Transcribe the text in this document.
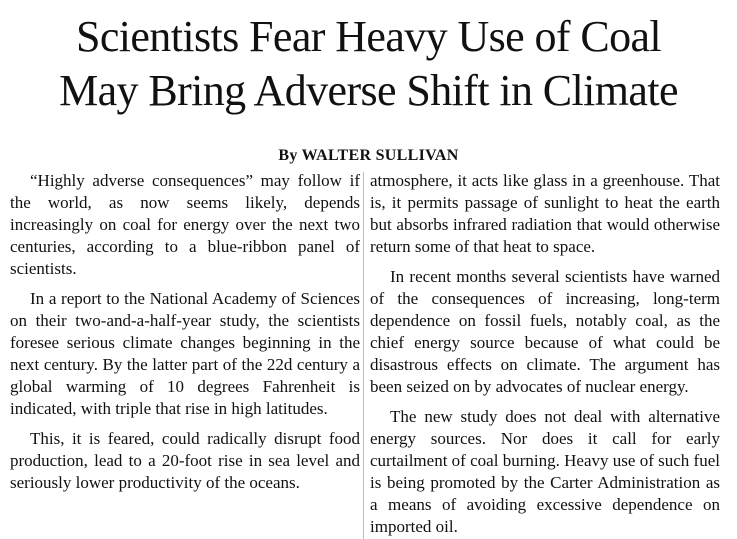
Scientists Fear Heavy Use of Coal
May Bring Adverse Shift in Climate
By WALTER SULLIVAN

“Highly adverse consequences” may follow if the world, as now seems likely, depends increasingly on coal for energy over the next two centuries, according to a blue-ribbon panel of scientists.

In a report to the National Academy of Sciences on their two-and-a-half-year study, the scientists foresee serious climate changes beginning in the next century. By the latter part of the 22d century a global warming of 10 degrees Fahrenheit is indicated, with triple that rise in high latitudes.

This, it is feared, could radically disrupt food production, lead to a 20-foot rise in sea level and seriously lower productivity of the oceans.

atmosphere, it acts like glass in a greenhouse. That is, it permits passage of sunlight to heat the earth but absorbs infrared radiation that would otherwise return some of that heat to space.

In recent months several scientists have warned of the consequences of increasing, long-term dependence on fossil fuels, notably coal, as the chief energy source because of what could be disastrous effects on climate. The argument has been seized on by advocates of nuclear energy.

The new study does not deal with alternative energy sources. Nor does it call for early curtailment of coal burning. Heavy use of such fuel is being promoted by the Carter Administration as a means of avoiding excessive dependence on imported oil.
